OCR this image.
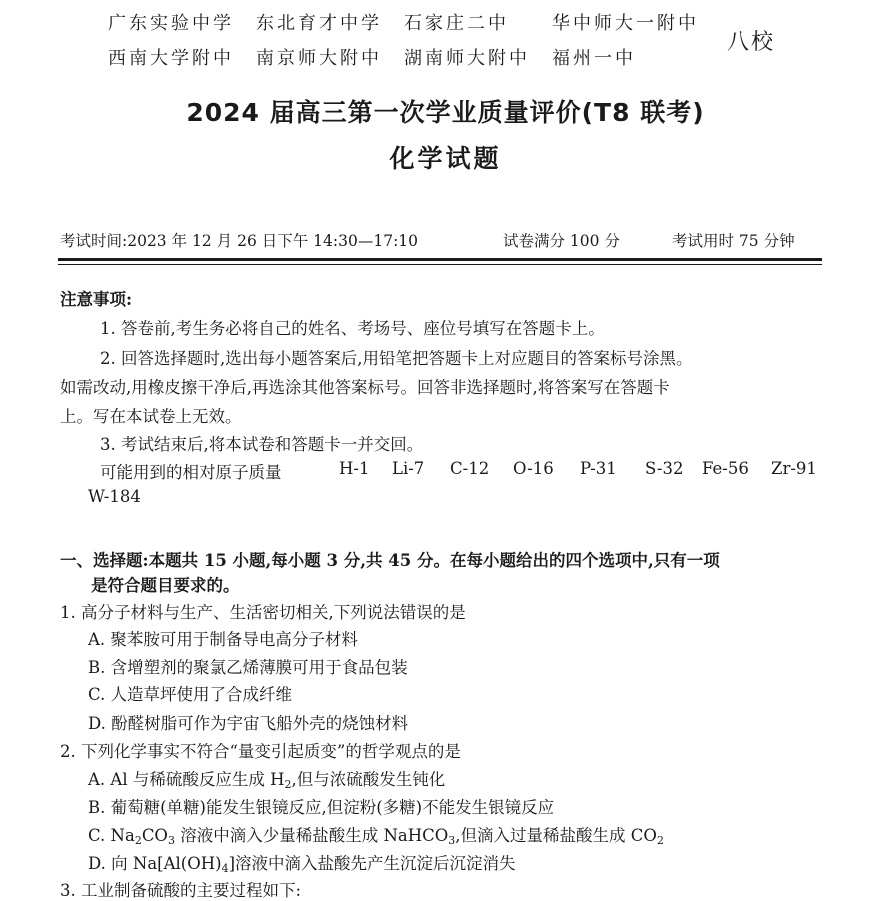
广东实验中学 东北育才中学 石家庄二中 华中师大一附中
西南大学附中 南京师大附中 湖南师大附中 福州一中
八校
2024 届高三第一次学业质量评价(T8 联考)
化学试题
考试时间:2023 年 12 月 26 日下午 14:30—17:10	试卷满分 100 分	考试用时 75 分钟
注意事项:
1. 答卷前,考生务必将自己的姓名、考场号、座位号填写在答题卡上。
2. 回答选择题时,选出每小题答案后,用铅笔把答题卡上对应题目的答案标号涂黑。
如需改动,用橡皮擦干净后,再选涂其他答案标号。回答非选择题时,将答案写在答题卡
上。写在本试卷上无效。
3. 考试结束后,将本试卷和答题卡一并交回。
可能用到的相对原子质量	H-1 Li-7 C-12 O-16 P-31 S-32 Fe-56 Zr-91
W-184
一、选择题:本题共 15 小题,每小题 3 分,共 45 分。在每小题给出的四个选项中,只有一项
是符合题目要求的。
1. 高分子材料与生产、生活密切相关,下列说法错误的是
A. 聚苯胺可用于制备导电高分子材料
B. 含增塑剂的聚氯乙烯薄膜可用于食品包装
C. 人造草坪使用了合成纤维
D. 酚醛树脂可作为宇宙飞船外壳的烧蚀材料
2. 下列化学事实不符合“量变引起质变”的哲学观点的是
A. Al 与稀硫酸反应生成 $H_2$,但与浓硫酸发生钝化
B. 葡萄糖(单糖)能发生银镜反应,但淀粉(多糖)不能发生银镜反应
C. $Na_2CO_3$ 溶液中滴入少量稀盐酸生成 NaHCO$_3$,但滴入过量稀盐酸生成 $CO_2$
D. 向 $Na[Al(OH)_4]$溶液中滴入盐酸先产生沉淀后沉淀消失
3. 工业制备硫酸的主要过程如下:
